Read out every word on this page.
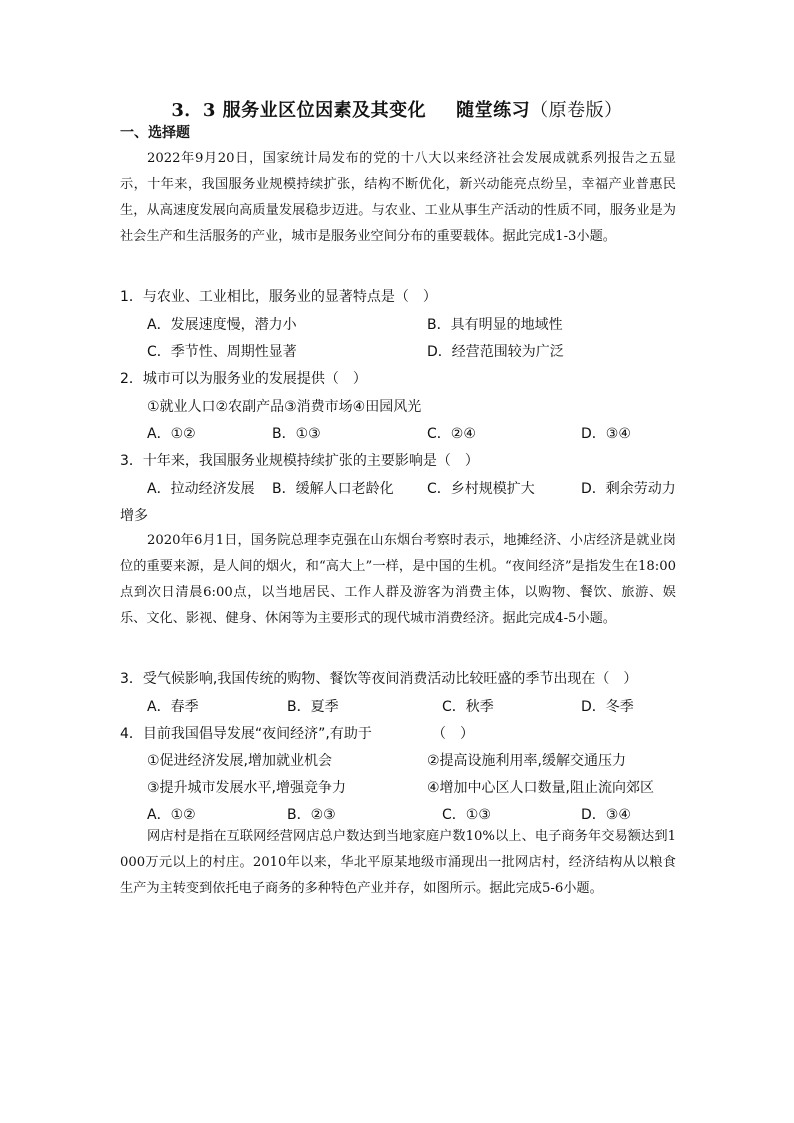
3．3 服务业区位因素及其变化 随堂练习（原卷版）
一、选择题
2022年9月20日，国家统计局发布的党的十八大以来经济社会发展成就系列报告之五显示，十年来，我国服务业规模持续扩张，结构不断优化，新兴动能亮点纷呈，幸福产业普惠民生，从高速度发展向高质量发展稳步迈进。与农业、工业从事生产活动的性质不同，服务业是为社会生产和生活服务的产业，城市是服务业空间分布的重要载体。据此完成1-3小题。
1．与农业、工业相比，服务业的显著特点是（　）
A．发展速度慢，潜力小	B．具有明显的地域性
C．季节性、周期性显著	D．经营范围较为广泛
2．城市可以为服务业的发展提供（　）
①就业人口②农副产品③消费市场④田园风光
A．①②	B．①③	C．②④	D．③④
3．十年来，我国服务业规模持续扩张的主要影响是（　）
A．拉动经济发展 B．缓解人口老龄化 C．乡村规模扩大	D．剩余劳动力
增多
2020年6月1日，国务院总理李克强在山东烟台考察时表示，地摊经济、小店经济是就业岗位的重要来源，是人间的烟火，和“高大上”一样，是中国的生机。“夜间经济”是指发生在18:00点到次日清晨6:00点，以当地居民、工作人群及游客为消费主体，以购物、餐饮、旅游、娱乐、文化、影视、健身、休闲等为主要形式的现代城市消费经济。据此完成4-5小题。
3．受气候影响,我国传统的购物、餐饮等夜间消费活动比较旺盛的季节出现在（　）
A．春季	B．夏季	C．秋季	D．冬季
4．目前我国倡导发展“夜间经济”,有助于	（　）
①促进经济发展,增加就业机会	②提高设施利用率,缓解交通压力
③提升城市发展水平,增强竞争力	④增加中心区人口数量,阻止流向郊区
A．①②	B．②③	C．①③	D．③④
网店村是指在互联网经营网店总户数达到当地家庭户数10%以上、电子商务年交易额达到1 000万元以上的村庄。2010年以来，华北平原某地级市涌现出一批网店村，经济结构从以粮食生产为主转变到依托电子商务的多种特色产业并存，如图所示。据此完成5-6小题。
